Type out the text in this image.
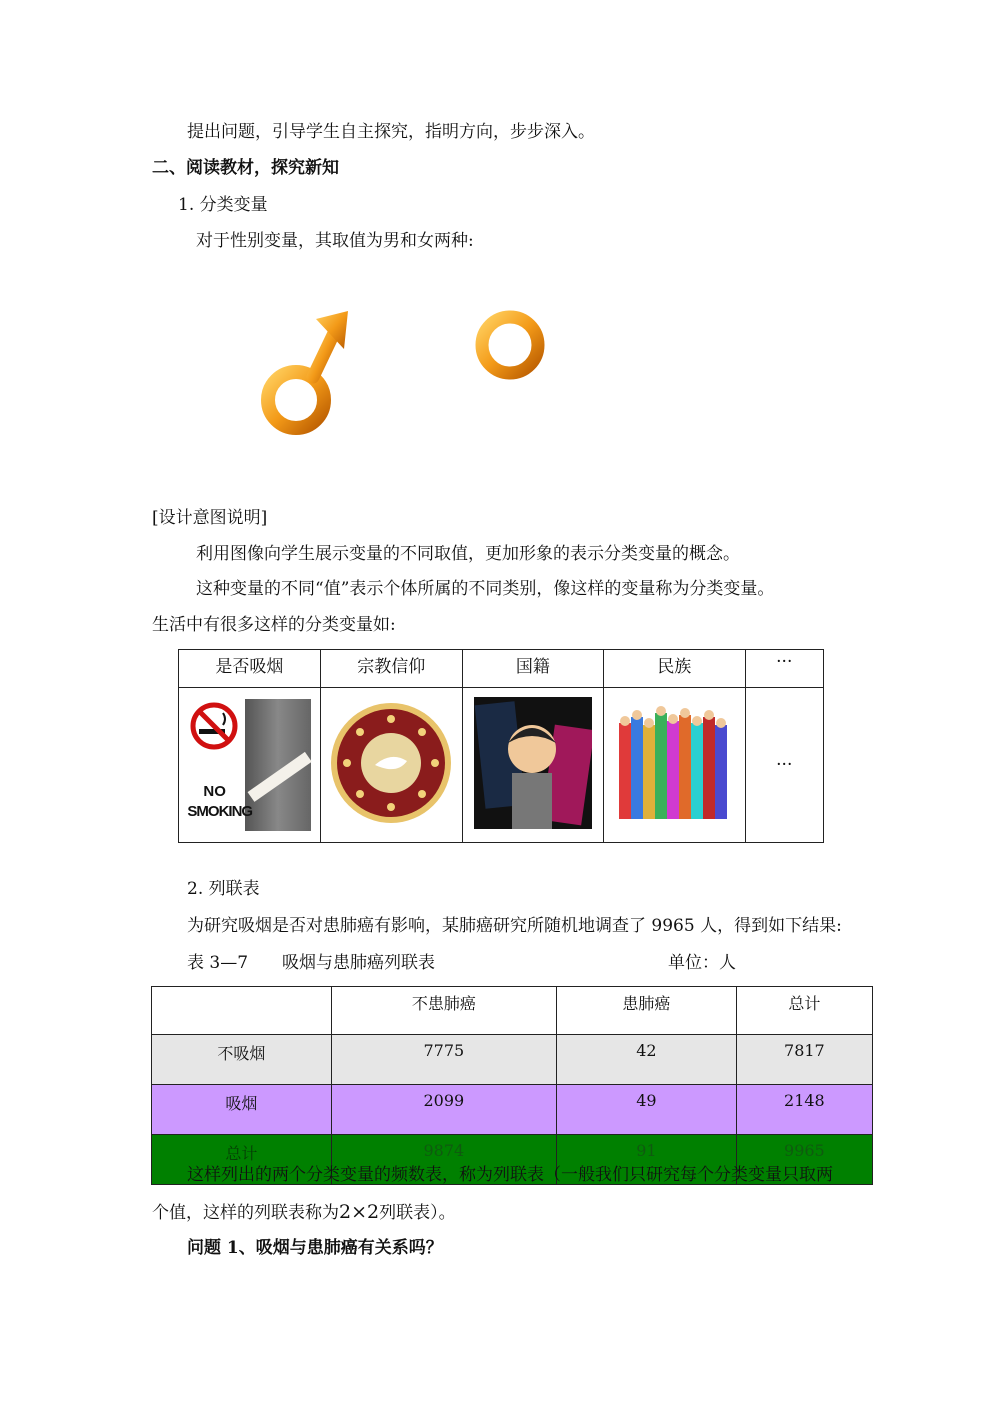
提出问题，引导学生自主探究，指明方向，步步深入。
二、阅读教材，探究新知
1. 分类变量
对于性别变量，其取值为男和女两种:
[设计意图说明]
利用图像向学生展示变量的不同取值，更加形象的表示分类变量的概念。
这种变量的不同“值”表示个体所属的不同类别，像这样的变量称为分类变量。
生活中有很多这样的分类变量如:
是否吸烟	宗教信仰	国籍	民族	···

NO
SMOKING				···
2. 列联表
为研究吸烟是否对患肺癌有影响，某肺癌研究所随机地调查了 9965 人，得到如下结果:
表 3—7　　吸烟与患肺癌列联表	单位：人
	不患肺癌	患肺癌	总计
不吸烟	7775	42	7817
吸烟	2099	49	2148
总计	9874	91	9965
这样列出的两个分类变量的频数表，称为列联表（一般我们只研究每个分类变量只取两
个值，这样的列联表称为2×2列联表）。
问题 1、吸烟与患肺癌有关系吗？
